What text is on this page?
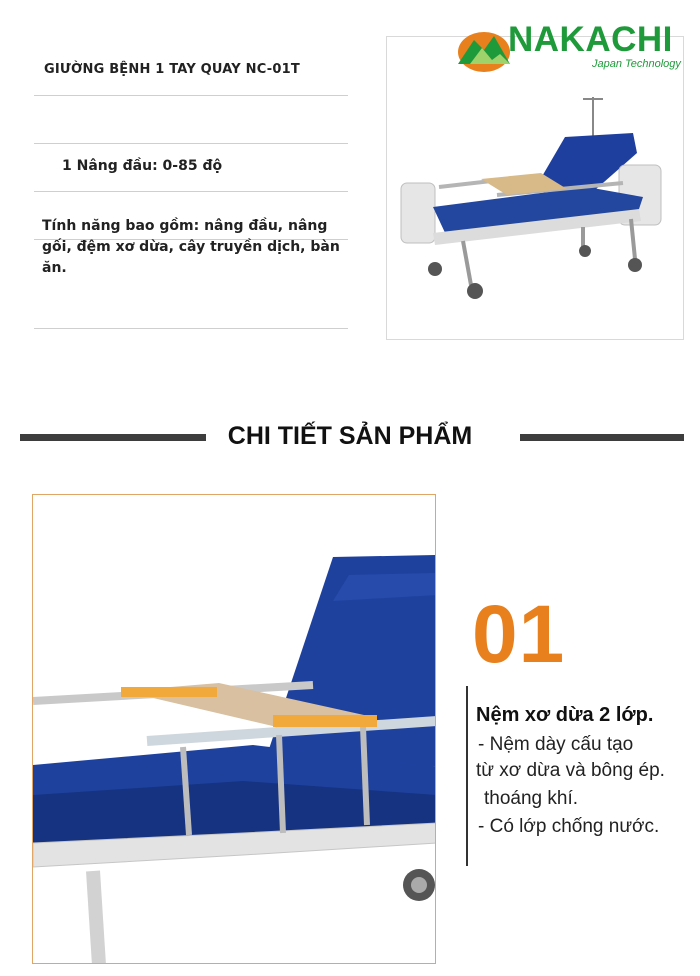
GIƯỜNG BỆNH 1 TAY QUAY NC-01T
1 Nâng đầu: 0-85 độ
Tính năng bao gồm: nâng đầu, nâng gối, đệm xơ dừa, cây truyền dịch, bàn ăn.
NAKACHI
Japan Technology
CHI TIẾT SẢN PHẨM
01
Nệm xơ dừa 2 lớp.
- Nệm dày cấu tạo
từ xơ dừa và bông ép.
thoáng khí.
- Có lớp chống nước.
